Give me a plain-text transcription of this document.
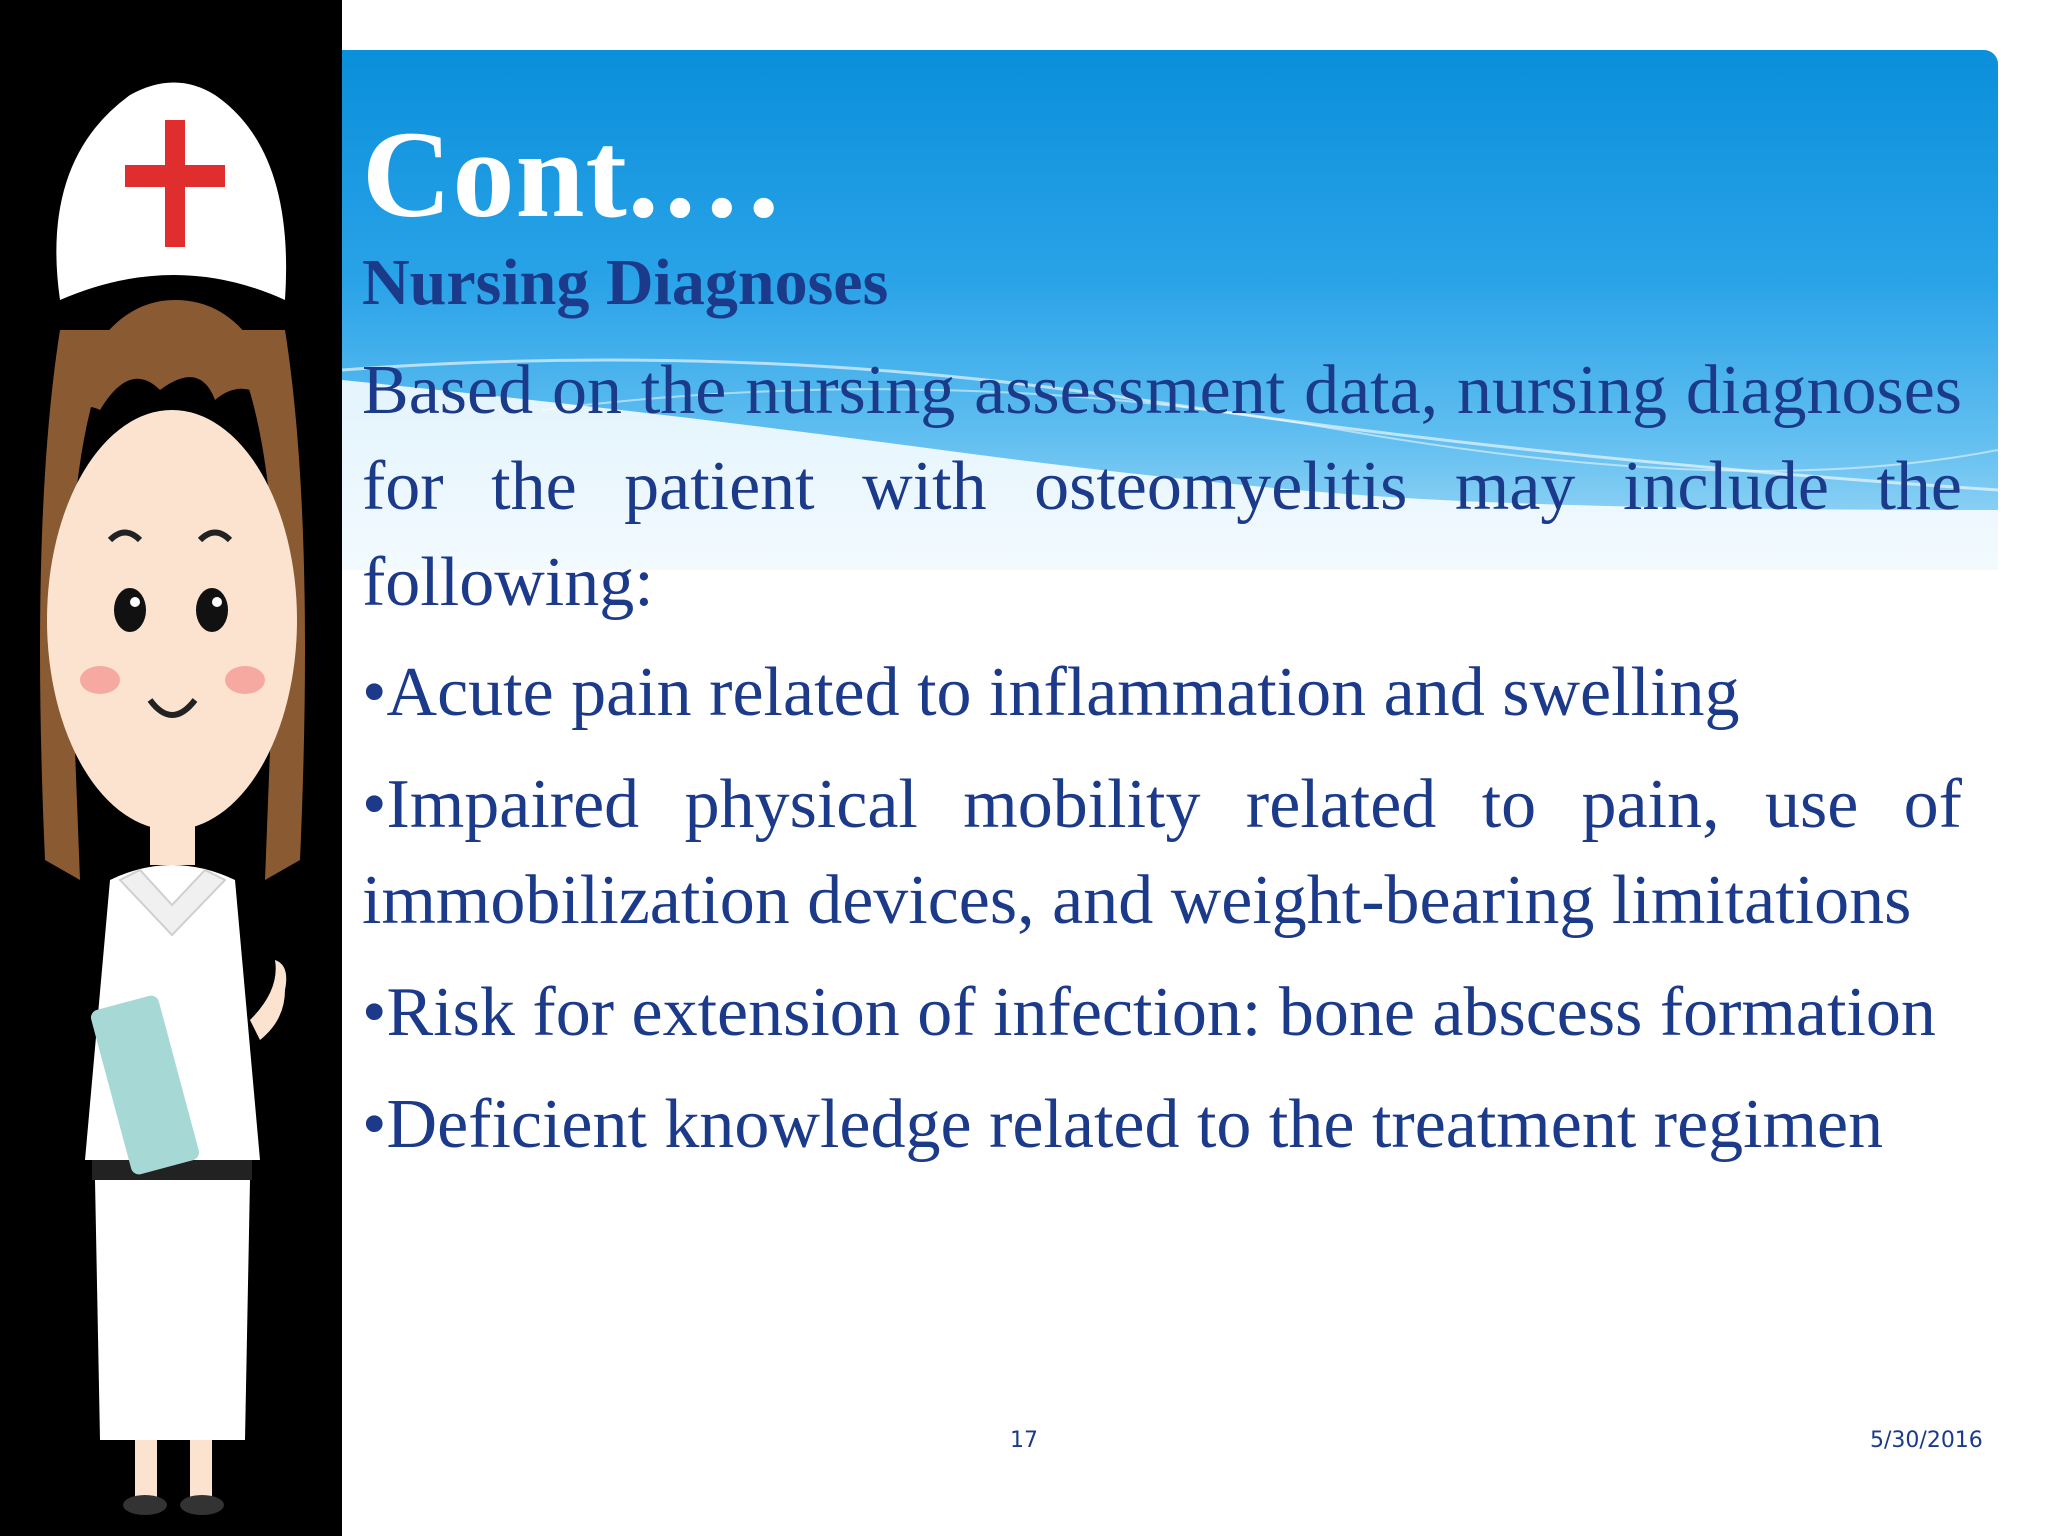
Cont.…
Nursing Diagnoses
Based on the nursing assessment data, nursing diagnoses for the patient with osteomyelitis may include the following:
• Acute pain related to inflammation and swelling
• Impaired physical mobility related to pain, use of immobilization devices, and weight-bearing limitations
• Risk for extension of infection: bone abscess formation
• Deficient knowledge related to the treatment regimen
17	5/30/2016
